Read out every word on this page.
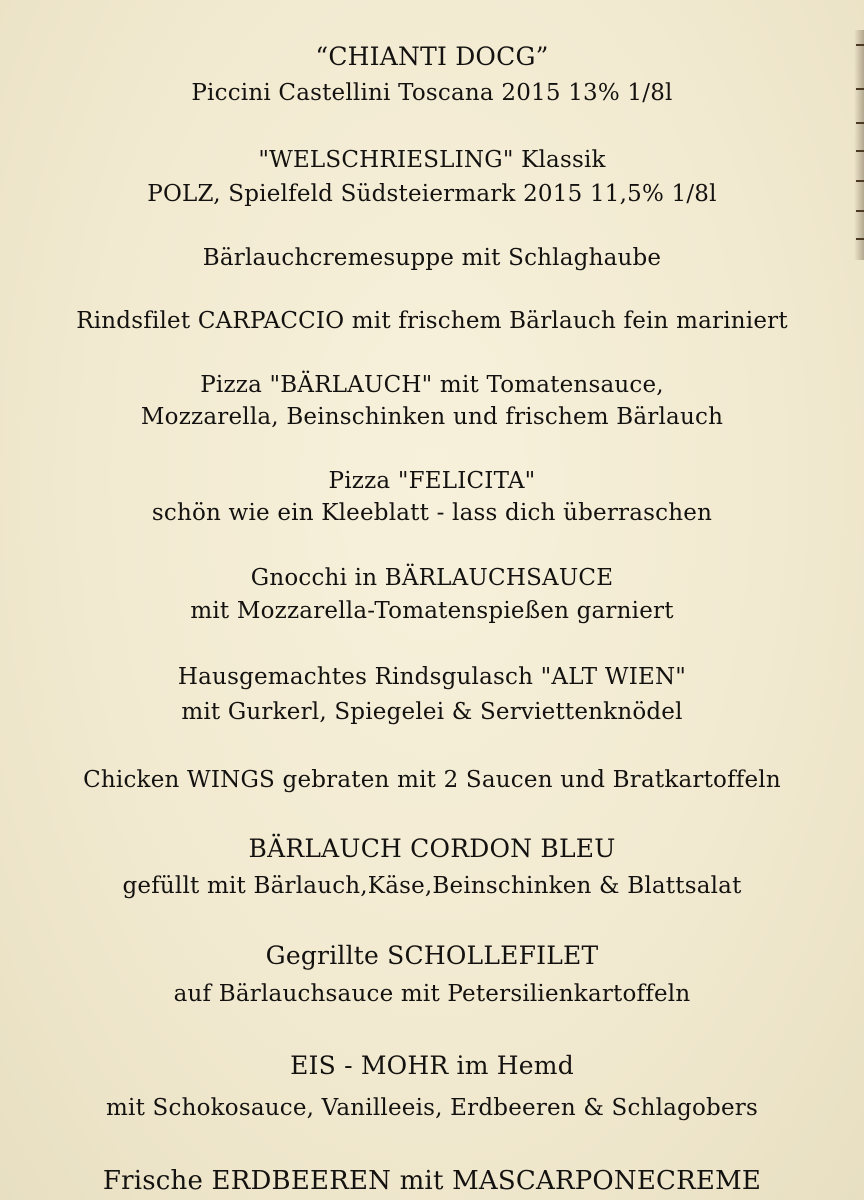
“CHIANTI DOCG”
Piccini Castellini Toscana 2015 13% 1/8l
"WELSCHRIESLING" Klassik
POLZ, Spielfeld Südsteiermark 2015 11,5% 1/8l
Bärlauchcremesuppe mit Schlaghaube
Rindsfilet CARPACCIO mit frischem Bärlauch fein mariniert
Pizza "BÄRLAUCH" mit Tomatensauce,
Mozzarella, Beinschinken und frischem Bärlauch
Pizza "FELICITA"
schön wie ein Kleeblatt - lass dich überraschen
Gnocchi in BÄRLAUCHSAUCE
mit Mozzarella-Tomatenspießen garniert
Hausgemachtes Rindsgulasch "ALT WIEN"
mit Gurkerl, Spiegelei & Serviettenknödel
Chicken WINGS gebraten mit 2 Saucen und Bratkartoffeln
BÄRLAUCH CORDON BLEU
gefüllt mit Bärlauch,Käse,Beinschinken & Blattsalat
Gegrillte SCHOLLEFILET
auf Bärlauchsauce mit Petersilienkartoffeln
EIS - MOHR im Hemd
mit Schokosauce, Vanilleeis, Erdbeeren & Schlagobers
Frische ERDBEEREN mit MASCARPONECREME
